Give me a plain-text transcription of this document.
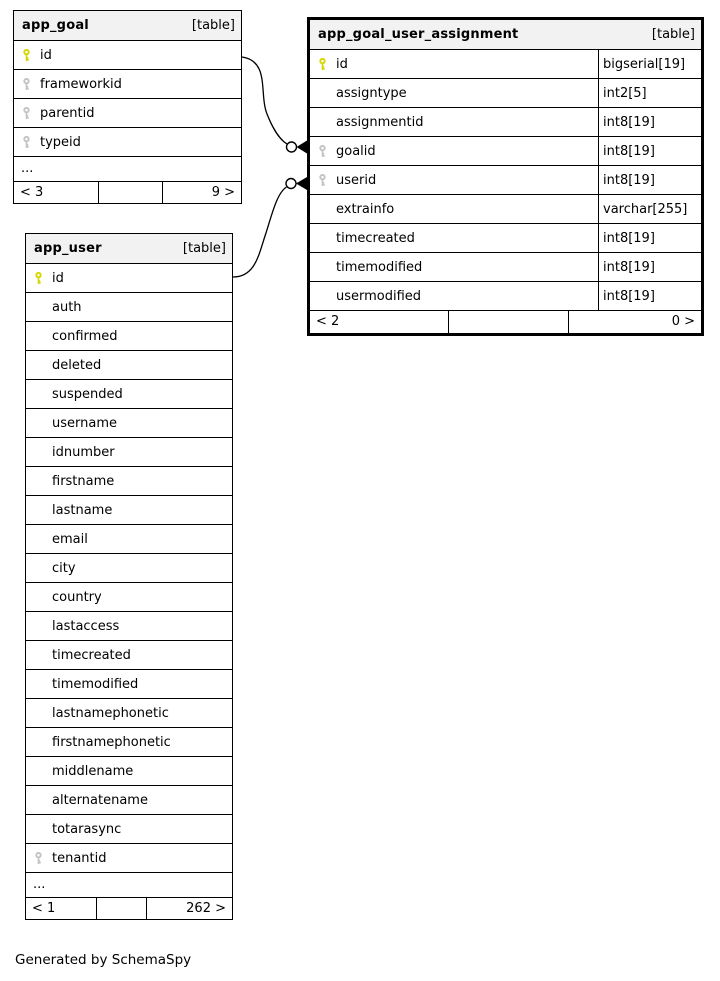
app_goal	[table]
id
frameworkid
parentid
typeid
...
< 3	9 >
app_goal_user_assignment	[table]
id	bigserial[19]
assigntype	int2[5]
assignmentid	int8[19]
goalid	int8[19]
userid	int8[19]
extrainfo	varchar[255]
timecreated	int8[19]
timemodified	int8[19]
usermodified	int8[19]
< 2	0 >
app_user	[table]
id
auth
confirmed
deleted
suspended
username
idnumber
firstname
lastname
email
city
country
lastaccess
timecreated
timemodified
lastnamephonetic
firstnamephonetic
middlename
alternatename
totarasync
tenantid
...
< 1	262 >
Generated by SchemaSpy
